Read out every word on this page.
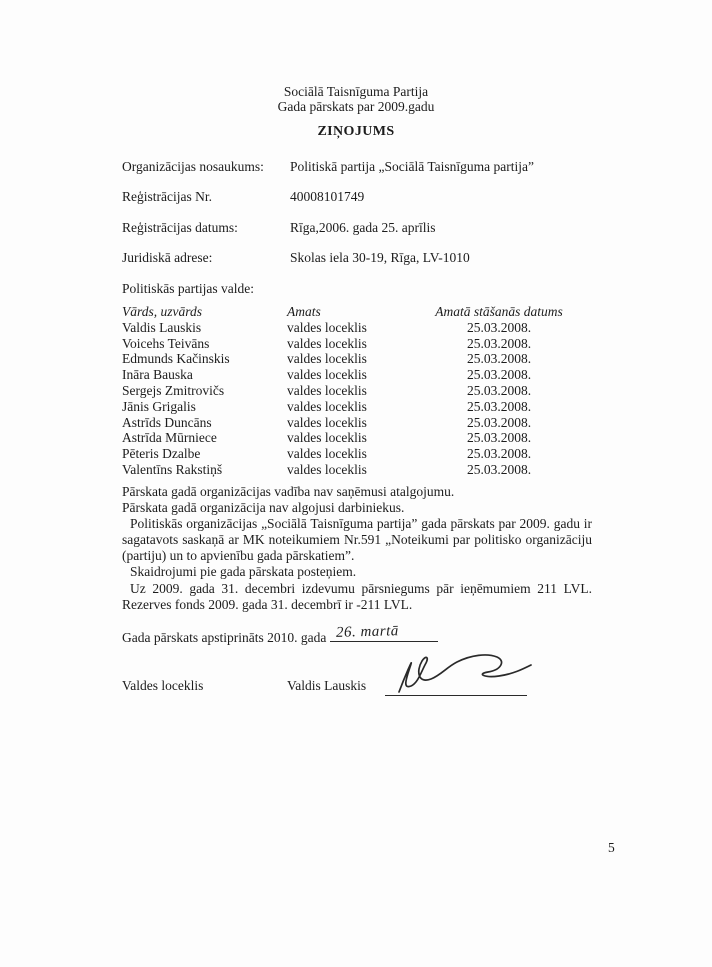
Sociālā Taisnīguma Partija
Gada pārskats par 2009.gadu
ZIŅOJUMS
Organizācijas nosaukums:	Politiskā partija „Sociālā Taisnīguma partija”
Reģistrācijas Nr.	40008101749
Reģistrācijas datums:	Rīga,2006. gada 25. aprīlis
Juridiskā adrese:	Skolas iela 30-19, Rīga, LV-1010
Politiskās partijas valde:
Vārds, uzvārds	Amats	Amatā stāšanās datums
Valdis Lauskis	valdes loceklis	25.03.2008.
Voicehs Teivāns	valdes loceklis	25.03.2008.
Edmunds Kačinskis	valdes loceklis	25.03.2008.
Ināra Bauska	valdes loceklis	25.03.2008.
Sergejs Zmitrovičs	valdes loceklis	25.03.2008.
Jānis Grigalis	valdes loceklis	25.03.2008.
Astrīds Duncāns	valdes loceklis	25.03.2008.
Astrīda Mūrniece	valdes loceklis	25.03.2008.
Pēteris Dzalbe	valdes loceklis	25.03.2008.
Valentīns Rakstiņš	valdes loceklis	25.03.2008.

Pārskata gadā organizācijas vadība nav saņēmusi atalgojumu.

Pārskata gadā organizācija nav algojusi darbiniekus.

Politiskās organizācijas „Sociālā Taisnīguma partija” gada pārskats par 2009. gadu ir sagatavots saskaņā ar MK noteikumiem Nr.591 „Noteikumi par politisko organizāciju (partiju) un to apvienību gada pārskatiem”.

Skaidrojumi pie gada pārskata posteņiem.

Uz 2009. gada 31. decembri izdevumu pārsniegums pār ieņēmumiem 211 LVL. Rezerves fonds 2009. gada 31. decembrī ir -211 LVL.

Gada pārskats apstiprināts 2010. gada 26. martā
Valdes loceklis	Valdis Lauskis
5
